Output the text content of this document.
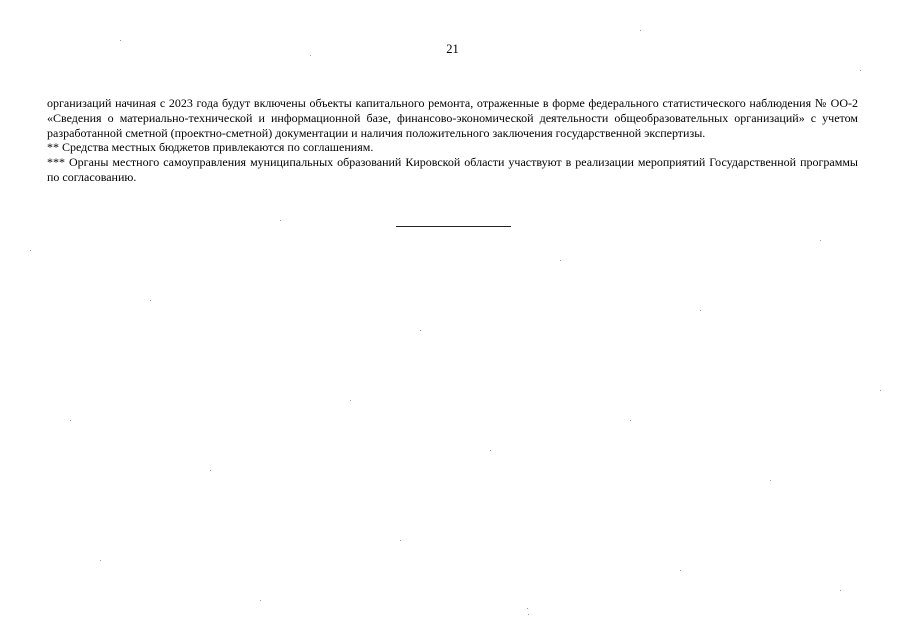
21

организаций начиная с 2023 года будут включены объекты капитального ремонта, отраженные в форме федерального статистического наблюдения № ОО-2 «Сведения о материально-технической и информационной базе, финансово-экономической деятельности общеобразовательных организаций» с учетом разработанной сметной (проектно-сметной) документации и наличия положительного заключения государственной экспертизы.

** Средства местных бюджетов привлекаются по соглашениям.

*** Органы местного самоуправления муниципальных образований Кировской области участвуют в реализации мероприятий Государственной программы по согласованию.
